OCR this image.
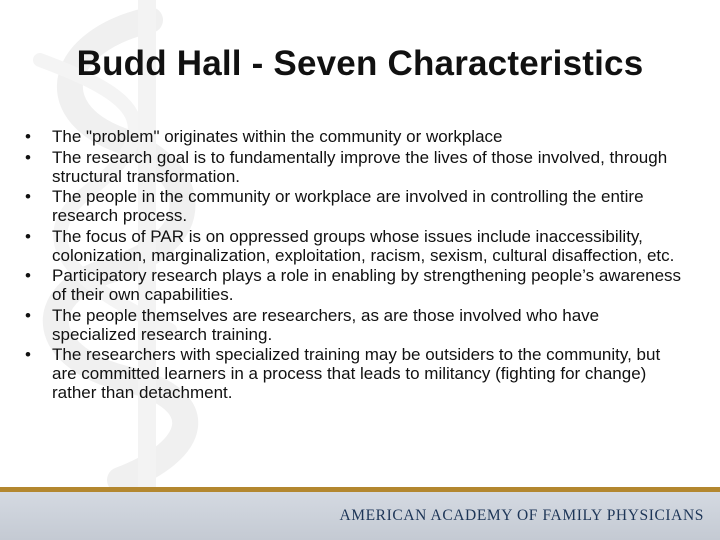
Budd Hall - Seven Characteristics
•	The "problem" originates within the community or workplace
•	The research goal is to fundamentally improve the lives of those involved, through structural transformation.
•	The people in the community or workplace are involved in controlling the entire research process.
•	The focus of PAR is on oppressed groups whose issues include inaccessibility, colonization, marginalization, exploitation, racism, sexism, cultural disaffection, etc.
•	Participatory research plays a role in enabling by strengthening people’s awareness of their own capabilities.
•	The people themselves are researchers, as are those involved who have specialized research training.
•	The researchers with specialized training may be outsiders to the community, but are committed learners in a process that leads to militancy (fighting for change) rather than detachment.
AMERICAN ACADEMY OF FAMILY PHYSICIANS
